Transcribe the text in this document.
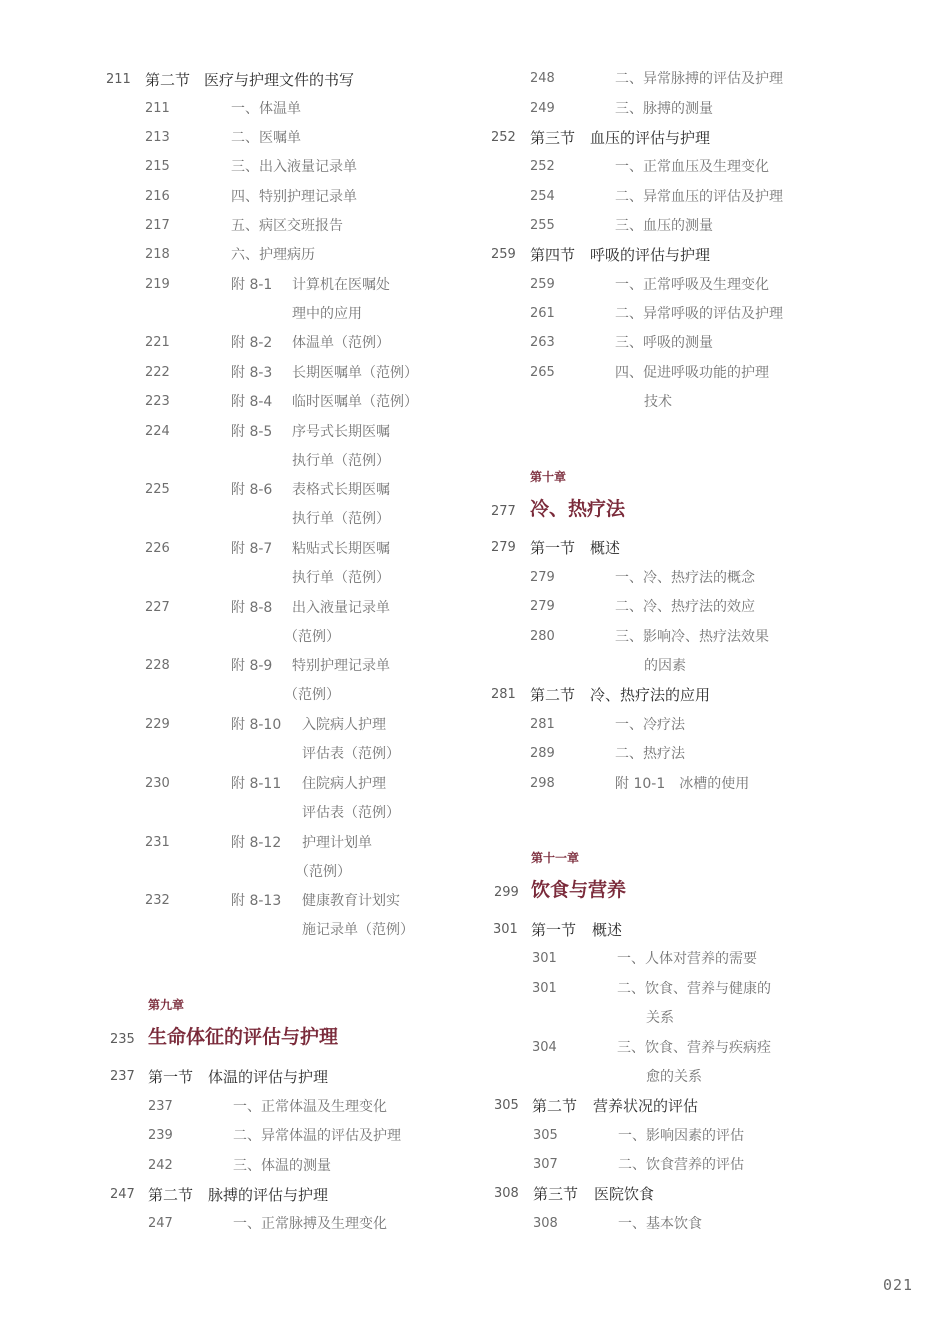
211 第二节 医疗与护理文件的书写
211	一、体温单
213	二、医嘱单
215	三、出入液量记录单
216	四、特别护理记录单
217	五、病区交班报告
218	六、护理病历
219	附 8-1 计算机在医嘱处
理中的应用
221	附 8-2 体温单（范例）
222	附 8-3 长期医嘱单（范例）
223	附 8-4 临时医嘱单（范例）
224	附 8-5 序号式长期医嘱
执行单（范例）
225	附 8-6 表格式长期医嘱
执行单（范例）
226	附 8-7 粘贴式长期医嘱
执行单（范例）
227	附 8-8 出入液量记录单
（范例）
228	附 8-9 特别护理记录单
（范例）
229	附 8-10 入院病人护理
评估表（范例）
230	附 8-11 住院病人护理
评估表（范例）
231	附 8-12 护理计划单
（范例）
232	附 8-13 健康教育计划实
施记录单（范例）
第九章
235 生命体征的评估与护理
237 第一节 体温的评估与护理
237	一、正常体温及生理变化
239	二、异常体温的评估及护理
242	三、体温的测量
247 第二节 脉搏的评估与护理
247	一、正常脉搏及生理变化
248	二、异常脉搏的评估及护理
249	三、脉搏的测量
252 第三节 血压的评估与护理
252	一、正常血压及生理变化
254	二、异常血压的评估及护理
255	三、血压的测量
259 第四节 呼吸的评估与护理
259	一、正常呼吸及生理变化
261	二、异常呼吸的评估及护理
263	三、呼吸的测量
265	四、促进呼吸功能的护理
技术
第十章
277 冷、热疗法
279 第一节 概述
279	一、冷、热疗法的概念
279	二、冷、热疗法的效应
280	三、影响冷、热疗法效果
的因素
281 第二节 冷、热疗法的应用
281	一、冷疗法
289	二、热疗法
298	附 10-1　冰槽的使用
第十一章
299 饮食与营养
301 第一节 概述
301	一、人体对营养的需要
301	二、饮食、营养与健康的
关系
304	三、饮食、营养与疾病痊
愈的关系
305 第二节 营养状况的评估
305	一、影响因素的评估
307	二、饮食营养的评估
308 第三节 医院饮食
308	一、基本饮食
021
